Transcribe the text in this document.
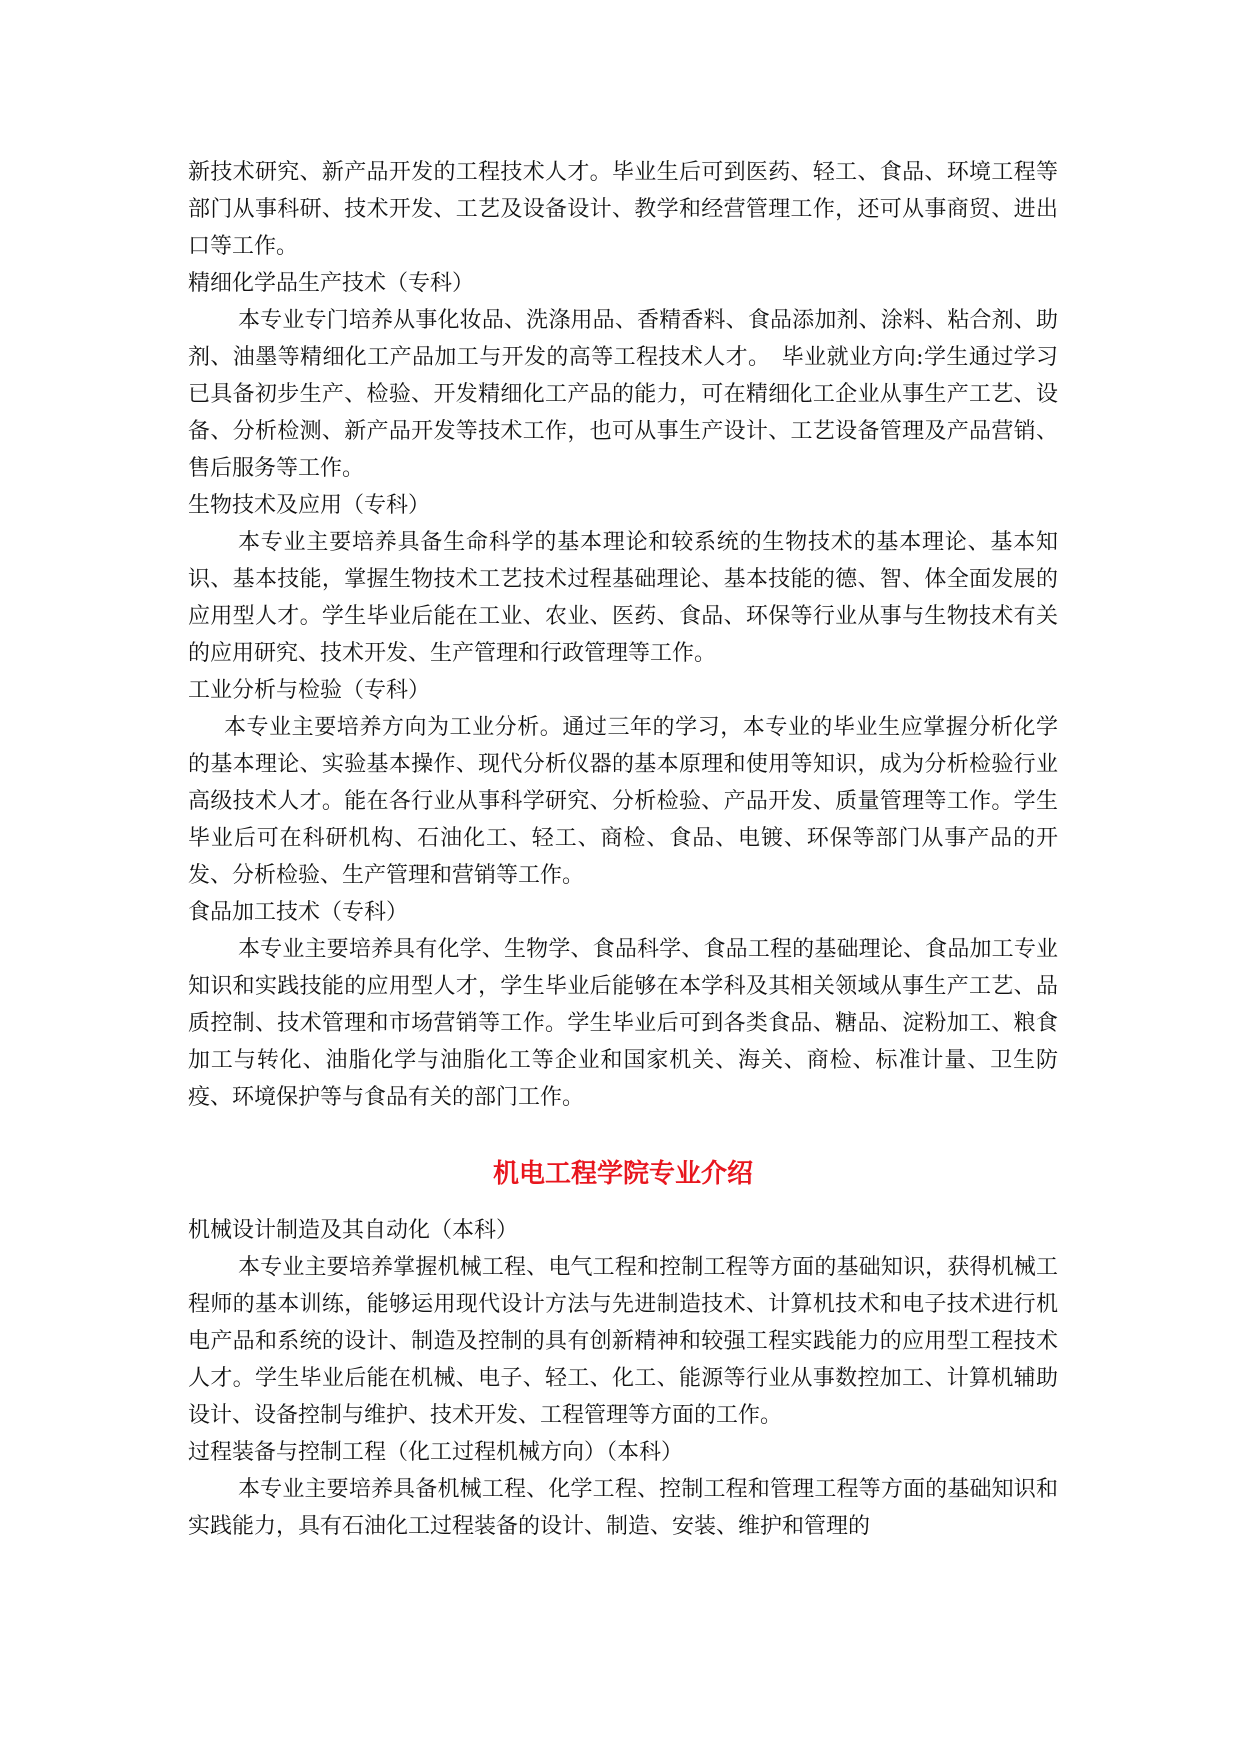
新技术研究、新产品开发的工程技术人才。毕业生后可到医药、轻工、食品、环境工程等部门从事科研、技术开发、工艺及设备设计、教学和经营管理工作，还可从事商贸、进出口等工作。

精细化学品生产技术（专科）

本专业专门培养从事化妆品、洗涤用品、香精香料、食品添加剂、涂料、粘合剂、助剂、油墨等精细化工产品加工与开发的高等工程技术人才。　毕业就业方向:学生通过学习已具备初步生产、检验、开发精细化工产品的能力，可在精细化工企业从事生产工艺、设备、分析检测、新产品开发等技术工作，也可从事生产设计、工艺设备管理及产品营销、售后服务等工作。

生物技术及应用（专科）

本专业主要培养具备生命科学的基本理论和较系统的生物技术的基本理论、基本知识、基本技能，掌握生物技术工艺技术过程基础理论、基本技能的德、智、体全面发展的应用型人才。学生毕业后能在工业、农业、医药、食品、环保等行业从事与生物技术有关的应用研究、技术开发、生产管理和行政管理等工作。

工业分析与检验（专科）

本专业主要培养方向为工业分析。通过三年的学习，本专业的毕业生应掌握分析化学的基本理论、实验基本操作、现代分析仪器的基本原理和使用等知识，成为分析检验行业高级技术人才。能在各行业从事科学研究、分析检验、产品开发、质量管理等工作。学生毕业后可在科研机构、石油化工、轻工、商检、食品、电镀、环保等部门从事产品的开发、分析检验、生产管理和营销等工作。

食品加工技术（专科）

本专业主要培养具有化学、生物学、食品科学、食品工程的基础理论、食品加工专业知识和实践技能的应用型人才，学生毕业后能够在本学科及其相关领域从事生产工艺、品质控制、技术管理和市场营销等工作。学生毕业后可到各类食品、糖品、淀粉加工、粮食加工与转化、油脂化学与油脂化工等企业和国家机关、海关、商检、标准计量、卫生防疫、环境保护等与食品有关的部门工作。

机电工程学院专业介绍

机械设计制造及其自动化（本科）

本专业主要培养掌握机械工程、电气工程和控制工程等方面的基础知识，获得机械工程师的基本训练，能够运用现代设计方法与先进制造技术、计算机技术和电子技术进行机电产品和系统的设计、制造及控制的具有创新精神和较强工程实践能力的应用型工程技术人才。学生毕业后能在机械、电子、轻工、化工、能源等行业从事数控加工、计算机辅助设计、设备控制与维护、技术开发、工程管理等方面的工作。

过程装备与控制工程（化工过程机械方向）（本科）

本专业主要培养具备机械工程、化学工程、控制工程和管理工程等方面的基础知识和实践能力，具有石油化工过程装备的设计、制造、安装、维护和管理的
